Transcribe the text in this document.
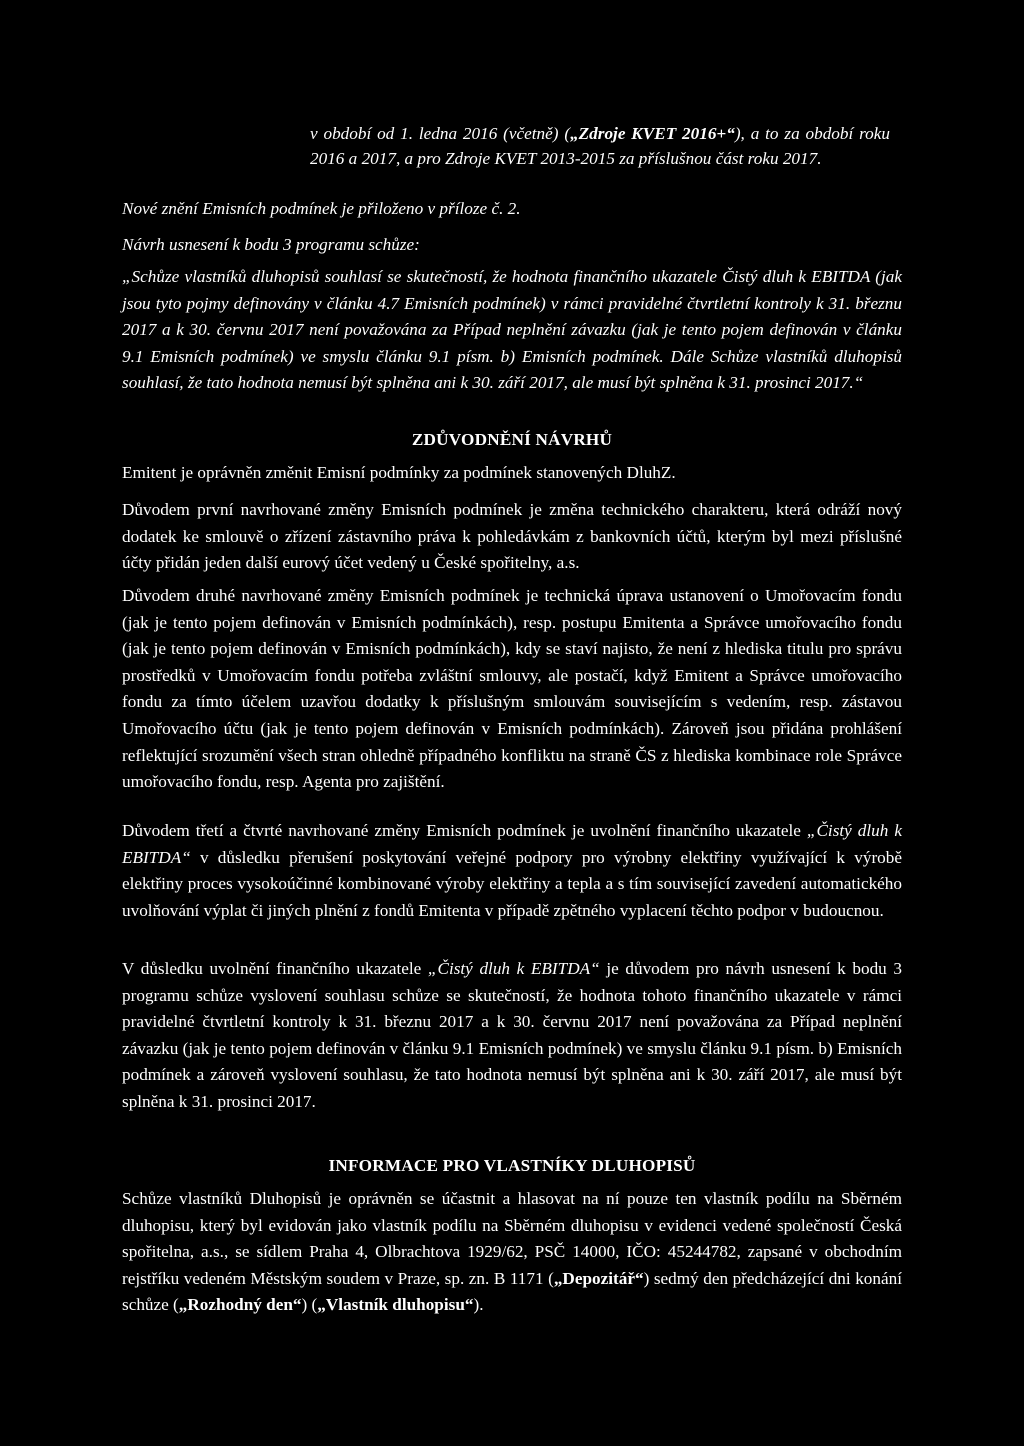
v období od 1. ledna 2016 (včetně) („Zdroje KVET 2016+“), a to za období roku 2016 a 2017, a pro Zdroje KVET 2013-2015 za příslušnou část roku 2017.

Nové znění Emisních podmínek je přiloženo v příloze č. 2.

Návrh usnesení k bodu 3 programu schůze:

„Schůze vlastníků dluhopisů souhlasí se skutečností, že hodnota finančního ukazatele Čistý dluh k EBITDA (jak jsou tyto pojmy definovány v článku 4.7 Emisních podmínek) v rámci pravidelné čtvrtletní kontroly k 31. březnu 2017 a k 30. červnu 2017 není považována za Případ neplnění závazku (jak je tento pojem definován v článku 9.1 Emisních podmínek) ve smyslu článku 9.1 písm. b) Emisních podmínek. Dále Schůze vlastníků dluhopisů souhlasí, že tato hodnota nemusí být splněna ani k 30. září 2017, ale musí být splněna k 31. prosinci 2017.“

ZDŮVODNĚNÍ NÁVRHŮ

Emitent je oprávněn změnit Emisní podmínky za podmínek stanovených DluhZ.

Důvodem první navrhované změny Emisních podmínek je změna technického charakteru, která odráží nový dodatek ke smlouvě o zřízení zástavního práva k pohledávkám z bankovních účtů, kterým byl mezi příslušné účty přidán jeden další eurový účet vedený u České spořitelny, a.s.

Důvodem druhé navrhované změny Emisních podmínek je technická úprava ustanovení o Umořovacím fondu (jak je tento pojem definován v Emisních podmínkách), resp. postupu Emitenta a Správce umořovacího fondu (jak je tento pojem definován v Emisních podmínkách), kdy se staví najisto, že není z hlediska titulu pro správu prostředků v Umořovacím fondu potřeba zvláštní smlouvy, ale postačí, když Emitent a Správce umořovacího fondu za tímto účelem uzavřou dodatky k příslušným smlouvám souvisejícím s vedením, resp. zástavou Umořovacího účtu (jak je tento pojem definován v Emisních podmínkách). Zároveň jsou přidána prohlášení reflektující srozumění všech stran ohledně případného konfliktu na straně ČS z hlediska kombinace role Správce umořovacího fondu, resp. Agenta pro zajištění.

Důvodem třetí a čtvrté navrhované změny Emisních podmínek je uvolnění finančního ukazatele „Čistý dluh k EBITDA“ v důsledku přerušení poskytování veřejné podpory pro výrobny elektřiny využívající k výrobě elektřiny proces vysokoúčinné kombinované výroby elektřiny a tepla a s tím související zavedení automatického uvolňování výplat či jiných plnění z fondů Emitenta v případě zpětného vyplacení těchto podpor v budoucnou.

V důsledku uvolnění finančního ukazatele „Čistý dluh k EBITDA“ je důvodem pro návrh usnesení k bodu 3 programu schůze vyslovení souhlasu schůze se skutečností, že hodnota tohoto finančního ukazatele v rámci pravidelné čtvrtletní kontroly k 31. březnu 2017 a k 30. červnu 2017 není považována za Případ neplnění závazku (jak je tento pojem definován v článku 9.1 Emisních podmínek) ve smyslu článku 9.1 písm. b) Emisních podmínek a zároveň vyslovení souhlasu, že tato hodnota nemusí být splněna ani k 30. září 2017, ale musí být splněna k 31. prosinci 2017.

INFORMACE PRO VLASTNÍKY DLUHOPISŮ

Schůze vlastníků Dluhopisů je oprávněn se účastnit a hlasovat na ní pouze ten vlastník podílu na Sběrném dluhopisu, který byl evidován jako vlastník podílu na Sběrném dluhopisu v evidenci vedené společností Česká spořitelna, a.s., se sídlem Praha 4, Olbrachtova 1929/62, PSČ 14000, IČO: 45244782, zapsané v obchodním rejstříku vedeném Městským soudem v Praze, sp. zn. B 1171 („Depozitář“) sedmý den předcházející dni konání schůze („Rozhodný den“) („Vlastník dluhopisu“).
